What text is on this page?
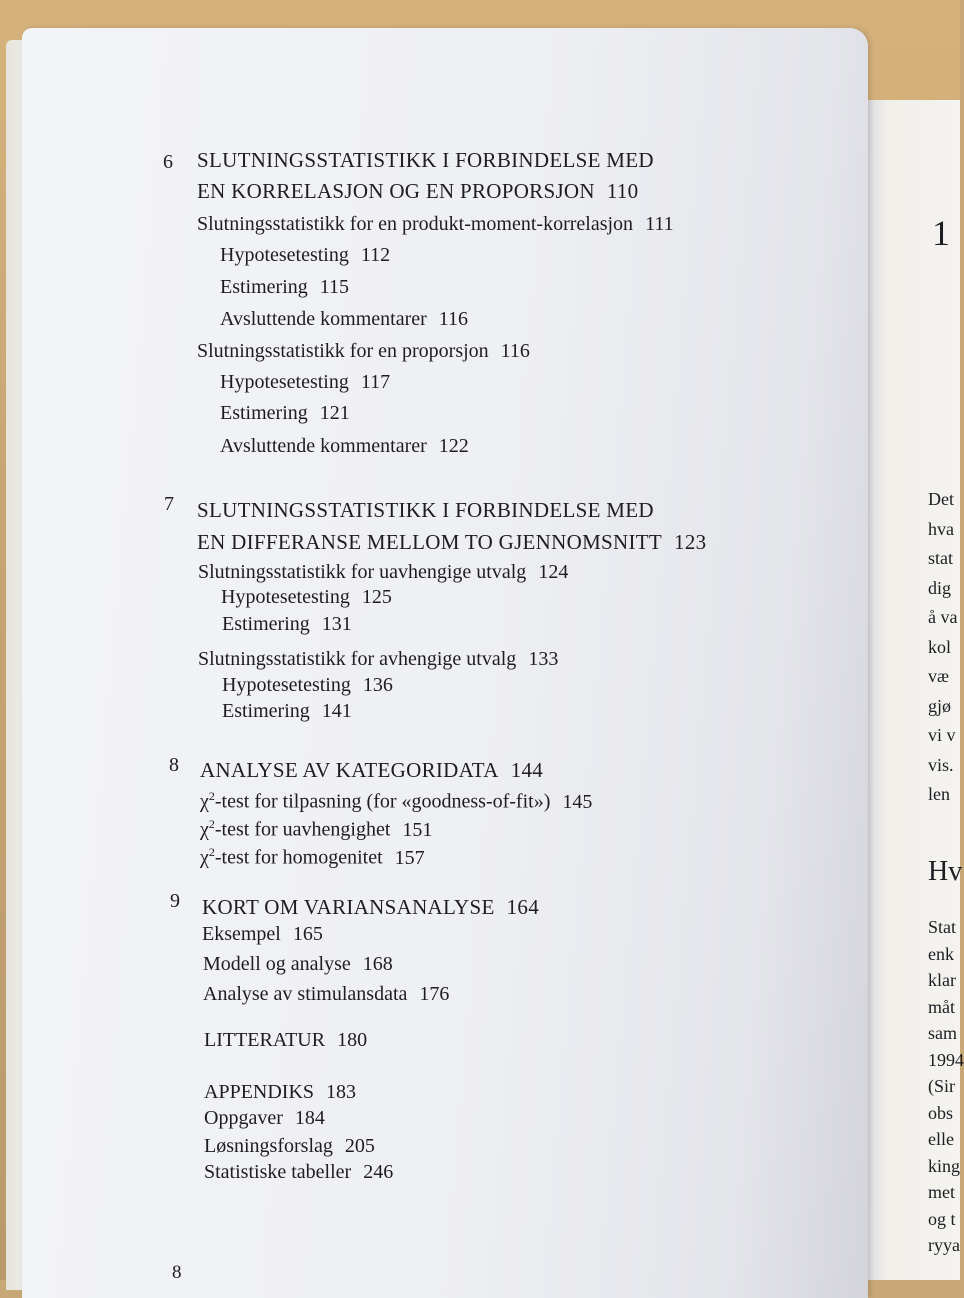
6 SLUTNINGSSTATISTIKK I FORBINDELSE MED
EN KORRELASJON OG EN PROPORSJON 110
Slutningsstatistikk for en produkt-moment-korrelasjon 111
Hypotesetesting 112
Estimering 115
Avsluttende kommentarer 116
Slutningsstatistikk for en proporsjon 116
Hypotesetesting 117
Estimering 121
Avsluttende kommentarer 122
7 SLUTNINGSSTATISTIKK I FORBINDELSE MED
EN DIFFERANSE MELLOM TO GJENNOMSNITT 123
Slutningsstatistikk for uavhengige utvalg 124
Hypotesetesting 125
Estimering 131
Slutningsstatistikk for avhengige utvalg 133
Hypotesetesting 136
Estimering 141
8 ANALYSE AV KATEGORIDATA 144
$\chi^2$-test for tilpasning (for «goodness-of-fit») 145
$\chi^2$-test for uavhengighet 151
$\chi^2$-test for homogenitet 157
9 KORT OM VARIANSANALYSE 164
Eksempel 165
Modell og analyse 168
Analyse av stimulansdata 176
LITTERATUR 180
APPENDIKS 183
Oppgaver 184
Løsningsforslag 205
Statistiske tabeller 246
8
1
Det
hva
stat
dig
å va
kol
væ
gjø
vi v
vis.
len
Hv
Stat
enk
klar
måt
sam
1994
(Sir
obs
elle
king
met
og t
ryya
